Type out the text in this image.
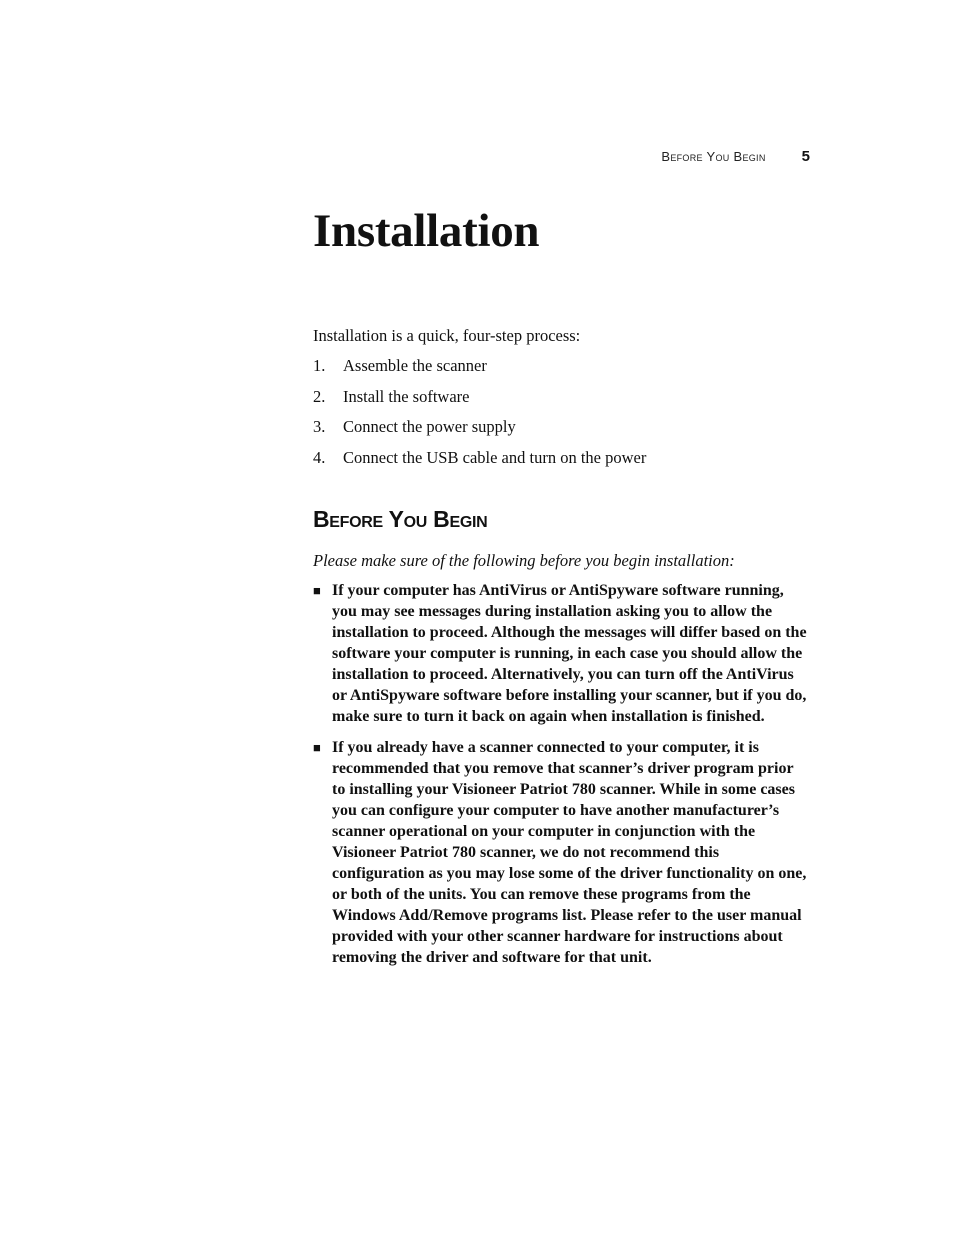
Before You Begin 5
Installation

Installation is a quick, four-step process:

1.	Assemble the scanner
2.	Install the software
3.	Connect the power supply
4.	Connect the USB cable and turn on the power
Before You Begin

Please make sure of the following before you begin installation:

■ If your computer has AntiVirus or AntiSpyware software running, you may see messages during installation asking you to allow the installation to proceed. Although the messages will differ based on the software your computer is running, in each case you should allow the installation to proceed. Alternatively, you can turn off the AntiVirus or AntiSpyware software before installing your scanner, but if you do, make sure to turn it back on again when installation is finished.
■ If you already have a scanner connected to your computer, it is recommended that you remove that scanner’s driver program prior to installing your Visioneer Patriot 780 scanner. While in some cases you can configure your computer to have another manufacturer’s scanner operational on your computer in conjunction with the Visioneer Patriot 780 scanner, we do not recommend this configuration as you may lose some of the driver functionality on one, or both of the units. You can remove these programs from the Windows Add/Remove programs list. Please refer to the user manual provided with your other scanner hardware for instructions about removing the driver and software for that unit.
